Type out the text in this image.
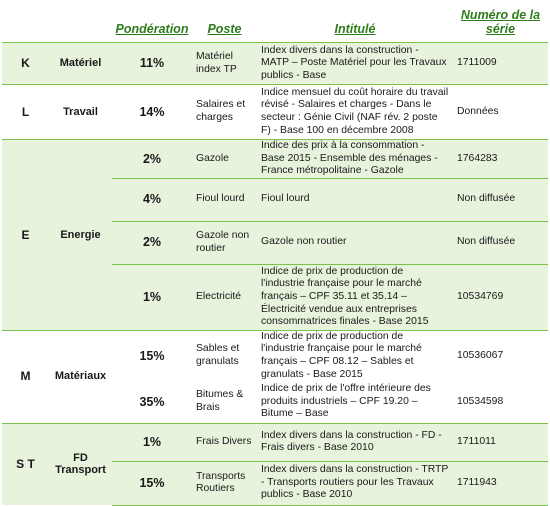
		Pondération	Poste	Intitulé	Numéro de la série
K	Matériel	11%	Matériel index TP	Index divers dans la construction - MATP – Poste Matériel pour les Travaux publics - Base	1711009
L	Travail	14%	Salaires et charges	Indice mensuel du coût horaire du travail révisé - Salaires et charges - Dans le secteur : Génie Civil (NAF rév. 2 poste F) - Base 100 en décembre 2008	Données
E	Energie	2%	Gazole	Indice des prix à la consommation - Base 2015 - Ensemble des ménages - France métropolitaine - Gazole	1764283
		4%	Fioul lourd	Fioul lourd	Non diffusée
		2%	Gazole non routier	Gazole non routier	Non diffusée
		1%	Electricité	Indice de prix de production de l'industrie française pour le marché français – CPF 35.11 et 35.14 – Électricité vendue aux entreprises consommatrices finales - Base 2015	10534769
M	Matériaux	15%	Sables et granulats	Indice de prix de production de l'industrie française pour le marché français – CPF 08.12 – Sables et granulats - Base 2015	10536067
		35%	Bitumes & Brais	Indice de prix de l'offre intérieure des produits industriels – CPF 19.20 – Bitume – Base	10534598
S T	FD Transport	1%	Frais Divers	Index divers dans la construction - FD - Frais divers - Base 2010	1711011
		15%	Transports Routiers	Index divers dans la construction - TRTP - Transports routiers pour les Travaux publics - Base 2010	1711943
